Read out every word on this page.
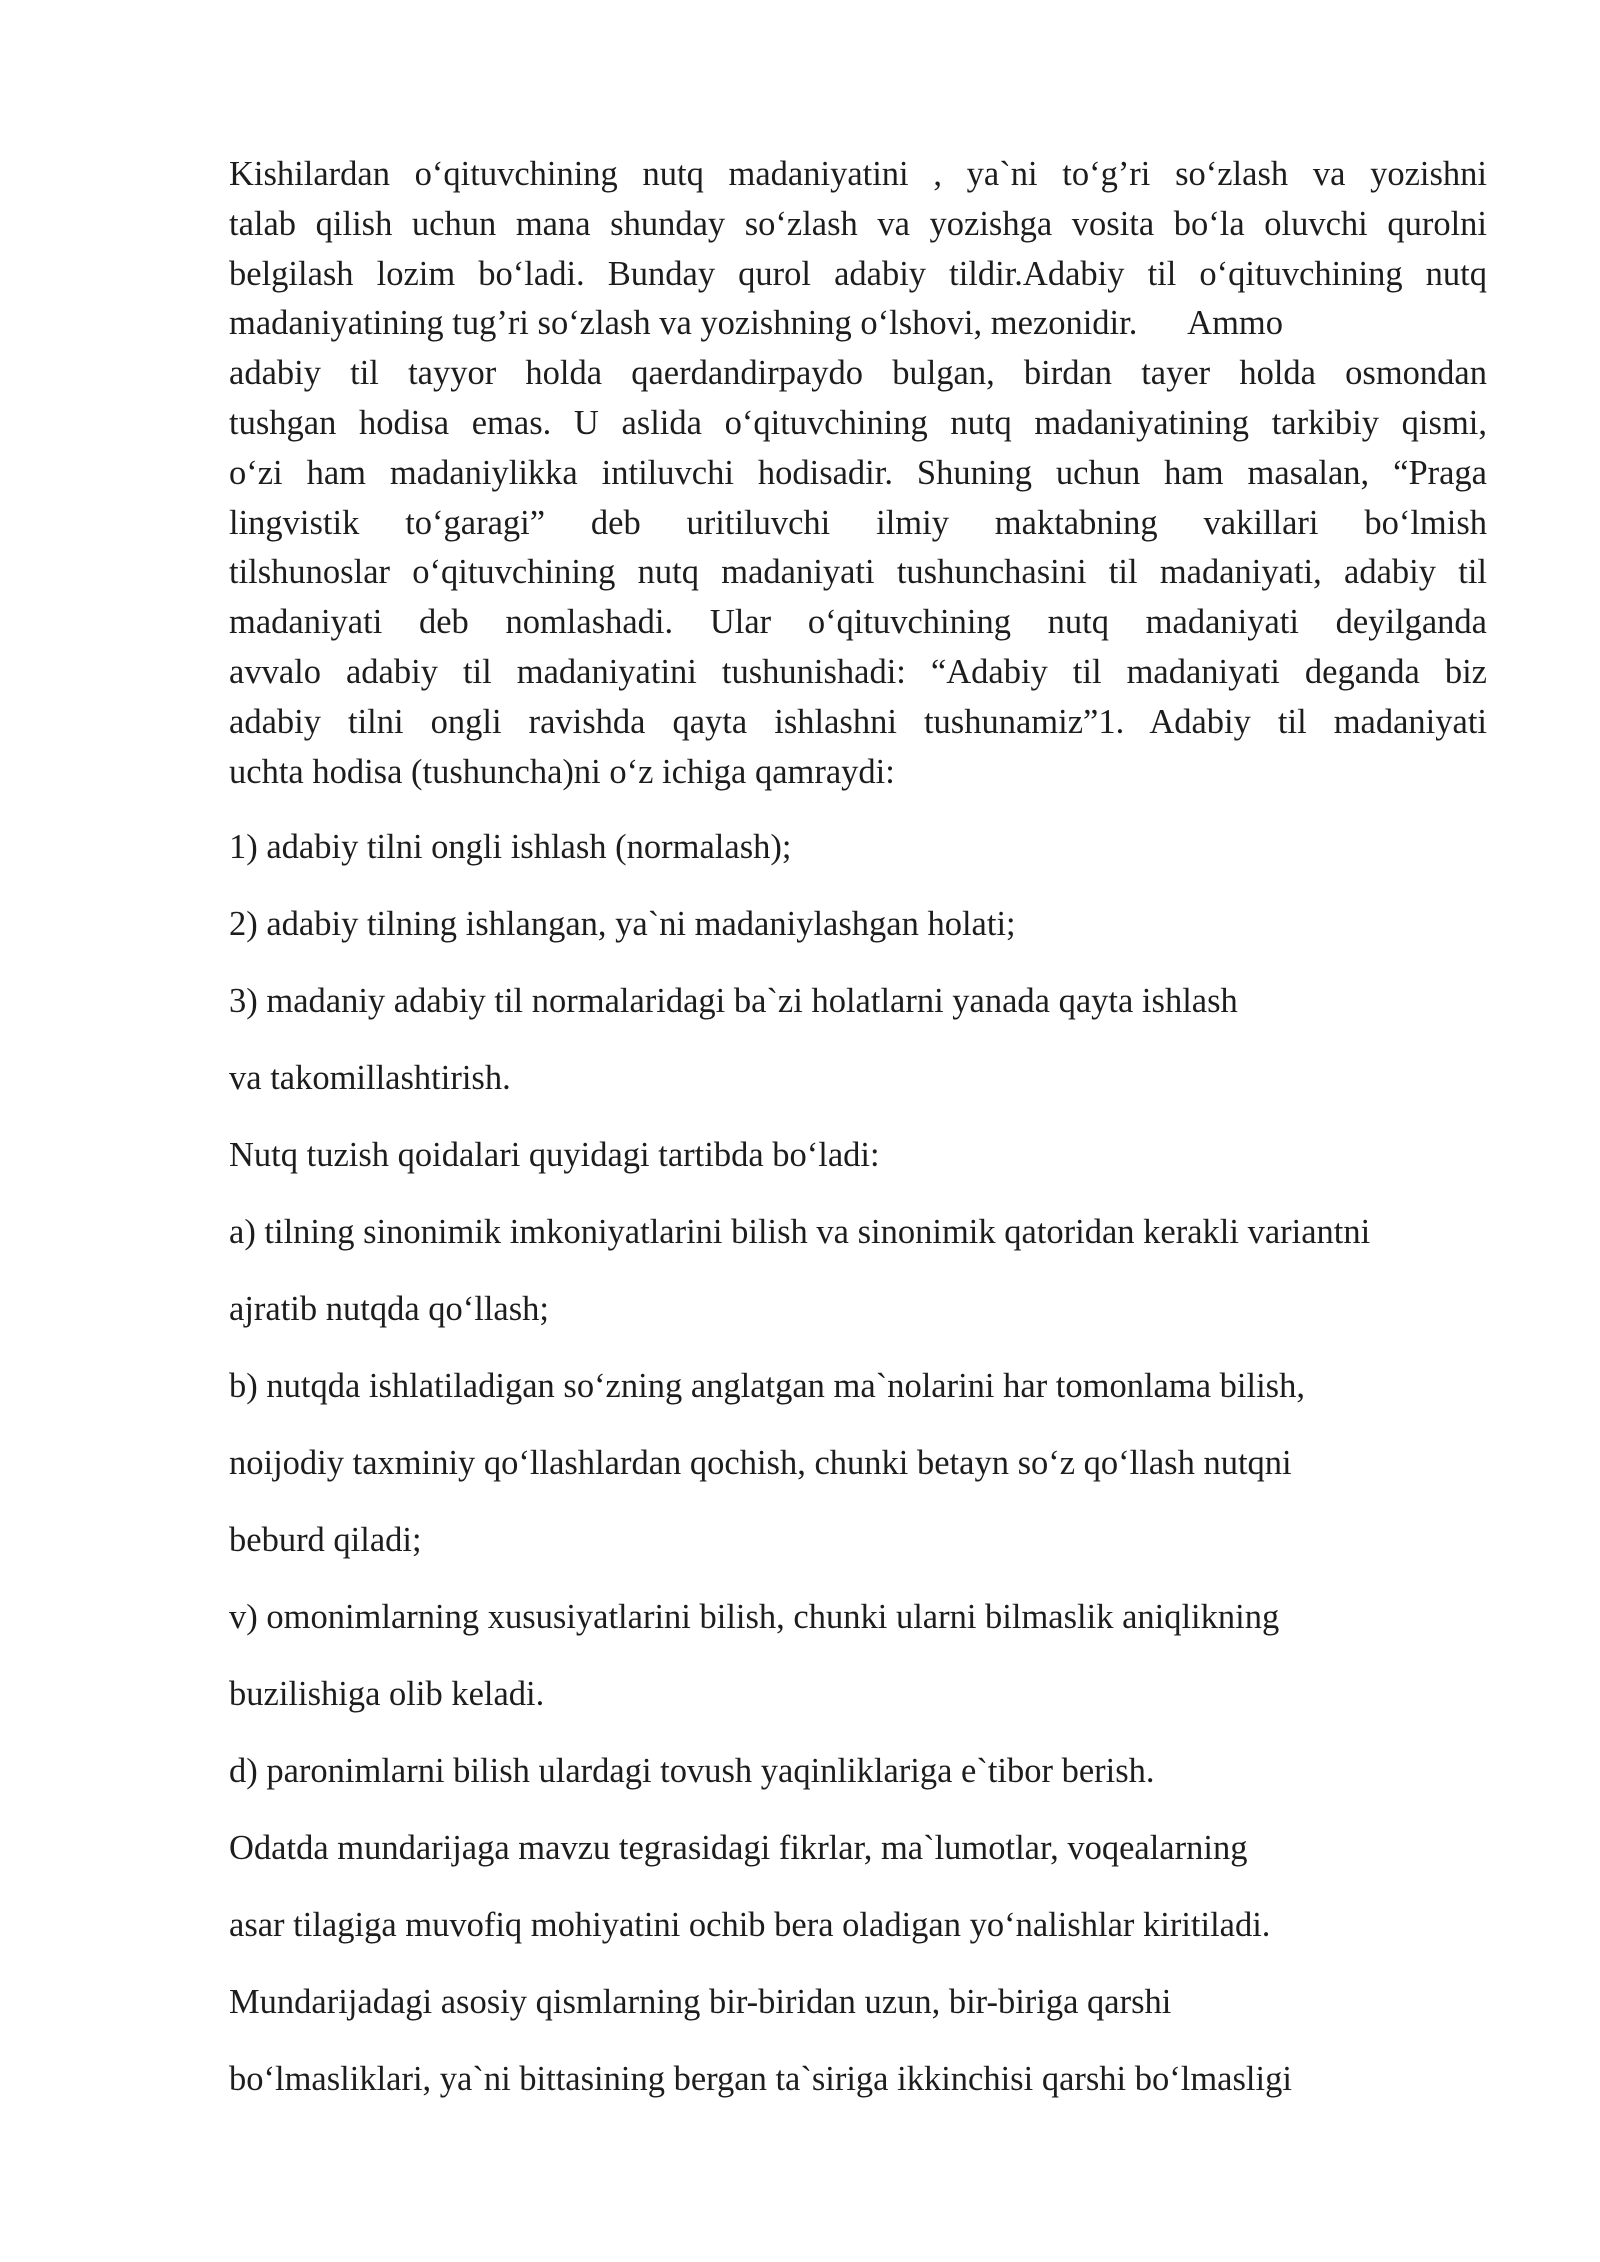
Kishilardan o‘qituvchining nutq madaniyatini , ya`ni to‘g’ri so‘zlash va yozishni
talab qilish uchun mana shunday so‘zlash va yozishga vosita bo‘la oluvchi qurolni
belgilash lozim bo‘ladi. Bunday qurol adabiy tildir.Adabiy til o‘qituvchining nutq
madaniyatining tug’ri so‘zlash va yozishning o‘lshovi, mezonidir.      Ammo
adabiy til tayyor holda qaerdandirpaydo bulgan, birdan tayer holda osmondan
tushgan hodisa emas. U aslida o‘qituvchining nutq madaniyatining tarkibiy qismi,
o‘zi ham madaniylikka intiluvchi hodisadir. Shuning uchun ham masalan, “Praga
lingvistik to‘garagi” deb uritiluvchi ilmiy maktabning vakillari bo‘lmish
tilshunoslar o‘qituvchining nutq madaniyati tushunchasini til madaniyati, adabiy til
madaniyati deb nomlashadi. Ular o‘qituvchining nutq madaniyati deyilganda
avvalo adabiy til madaniyatini tushunishadi: “Adabiy til madaniyati deganda biz
adabiy tilni ongli ravishda qayta ishlashni tushunamiz”1. Adabiy til madaniyati
uchta hodisa (tushuncha)ni o‘z ichiga qamraydi:

1) adabiy tilni ongli ishlash (normalash);
2) adabiy tilning ishlangan, ya`ni madaniylashgan holati;
3) madaniy adabiy til normalaridagi ba`zi holatlarni yanada qayta ishlash
va takomillashtirish.
Nutq tuzish qoidalari quyidagi tartibda bo‘ladi:
a) tilning sinonimik imkoniyatlarini bilish va sinonimik qatoridan kerakli variantni
ajratib nutqda qo‘llash;
b) nutqda ishlatiladigan so‘zning anglatgan ma`nolarini har tomonlama bilish,
noijodiy taxminiy qo‘llashlardan qochish, chunki betayn so‘z qo‘llash nutqni
beburd qiladi;
v) omonimlarning xususiyatlarini bilish, chunki ularni bilmaslik aniqlikning
buzilishiga olib keladi.
d) paronimlarni bilish ulardagi tovush yaqinliklariga e`tibor berish.
Odatda mundarijaga mavzu tegrasidagi fikrlar, ma`lumotlar, voqealarning
asar tilagiga muvofiq mohiyatini ochib bera oladigan yo‘nalishlar kiritiladi.
Mundarijadagi asosiy qismlarning bir-biridan uzun, bir-biriga qarshi
bo‘lmasliklari, ya`ni bittasining bergan ta`siriga ikkinchisi qarshi bo‘lmasligi
